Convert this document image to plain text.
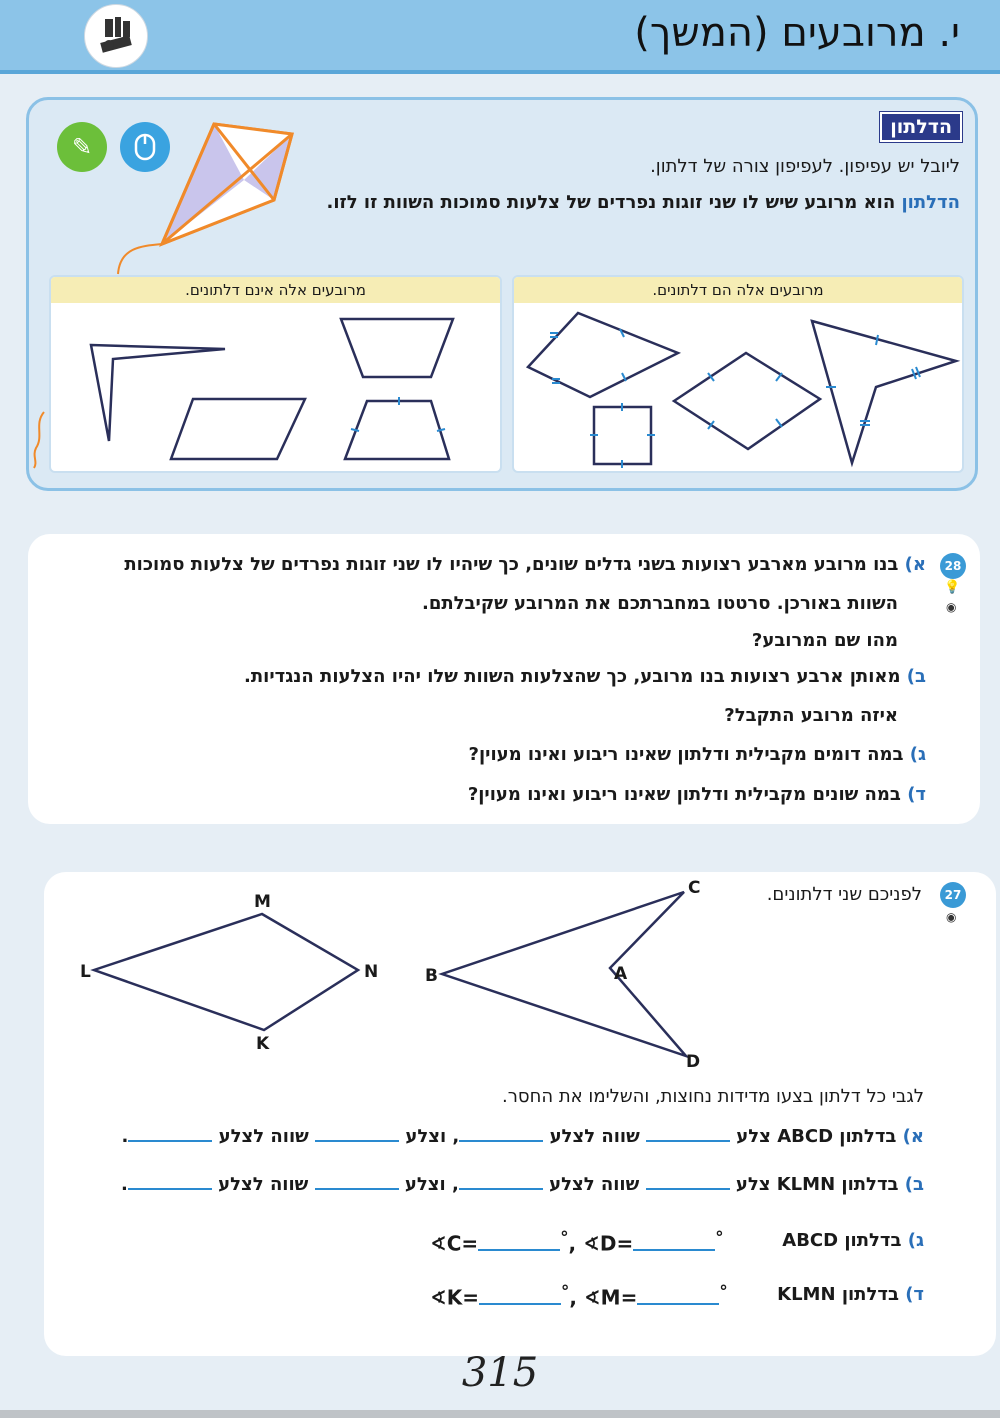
י. מרובעים (המשך)
הדלתון
ליובל יש עפיפון. לעפיפון צורה של דלתון.
הדלתון הוא מרובע שיש לו שני זוגות נפרדים של צלעות סמוכות השוות זו לזו.
✎
מרובעים אלה הם דלתונים.
מרובעים אלה אינם דלתונים.
28
💡
◉
א) בנו מרובע מארבע רצועות בשני גדלים שונים, כך שיהיו לו שני זוגות נפרדים של צלעות סמוכות
השוות באורכן. סרטטו במחברתכם את המרובע שקיבלתם.
מהו שם המרובע?
ב) מאותן ארבע רצועות בנו מרובע, כך שהצלעות השוות שלו יהיו הצלעות הנגדיות.
איזה מרובע התקבל?
ג) במה דומים מקבילית ודלתון שאינו ריבוע ואינו מעוין?
ד) במה שונים מקבילית ודלתון שאינו ריבוע ואינו מעוין?
27
◉
לפניכם שני דלתונים.
M
L	N
K
C
B	A
D
לגבי כל דלתון בצעו מדידות נחוצות, והשלימו את החסר.
א) בדלתון ABCD צלע  שווה לצלע , וצלע  שווה לצלע .
ב) בדלתון KLMN צלע  שווה לצלע , וצלע  שווה לצלע .
ג) בדלתון ABCD
∢C=	°, ∢D=	°
ד) בדלתון KLMN
∢K=	°, ∢M=	°
315
